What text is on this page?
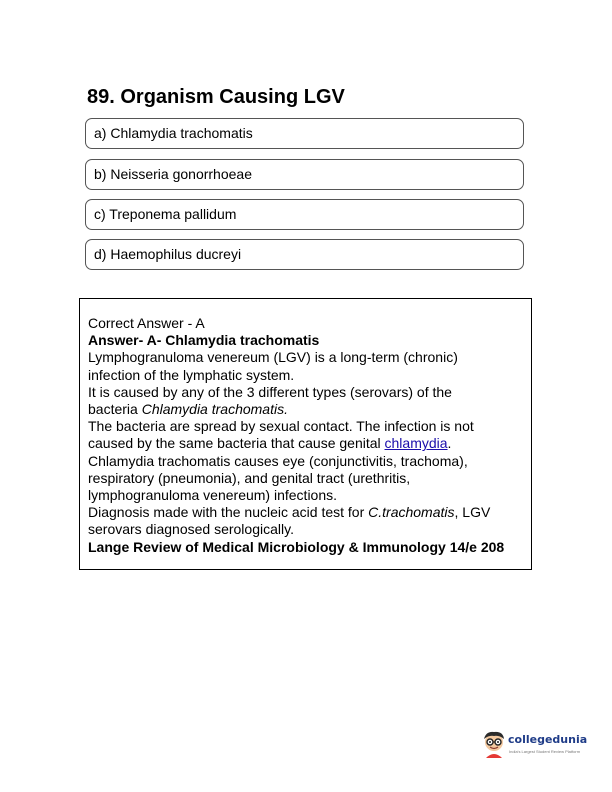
89. Organism Causing LGV
a) Chlamydia trachomatis
b) Neisseria gonorrhoeae
c) Treponema pallidum
d) Haemophilus ducreyi

Correct Answer - A

Answer- A- Chlamydia trachomatis

Lymphogranuloma venereum (LGV) is a long-term (chronic)

infection of the lymphatic system.

It is caused by any of the 3 different types (serovars) of the

bacteria Chlamydia trachomatis.

The bacteria are spread by sexual contact. The infection is not

caused by the same bacteria that cause genital chlamydia.

Chlamydia trachomatis causes eye (conjunctivitis, trachoma),

respiratory (pneumonia), and genital tract (urethritis,

lymphogranuloma venereum) infections.

Diagnosis made with the nucleic acid test for C.trachomatis, LGV

serovars diagnosed serologically.

Lange Review of Medical Microbiology & Immunology 14/e 208

collegedunia
India's Largest Student Review Platform
